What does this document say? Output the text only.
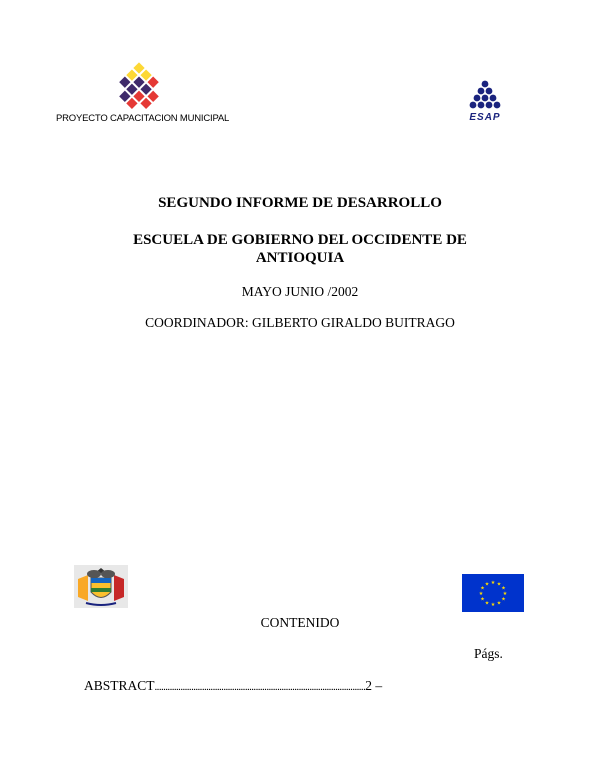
PROYECTO CAPACITACION MUNICIPAL	ESAP
SEGUNDO INFORME DE DESARROLLO
ESCUELA DE GOBIERNO DEL OCCIDENTE DE ANTIOQUIA
MAYO JUNIO /2002
COORDINADOR: GILBERTO GIRALDO BUITRAGO
★ ★
★
★
★
★
★
★
★
★
★
★
CONTENIDO
Págs.
ABSTRACT..................................................................................................2 –
